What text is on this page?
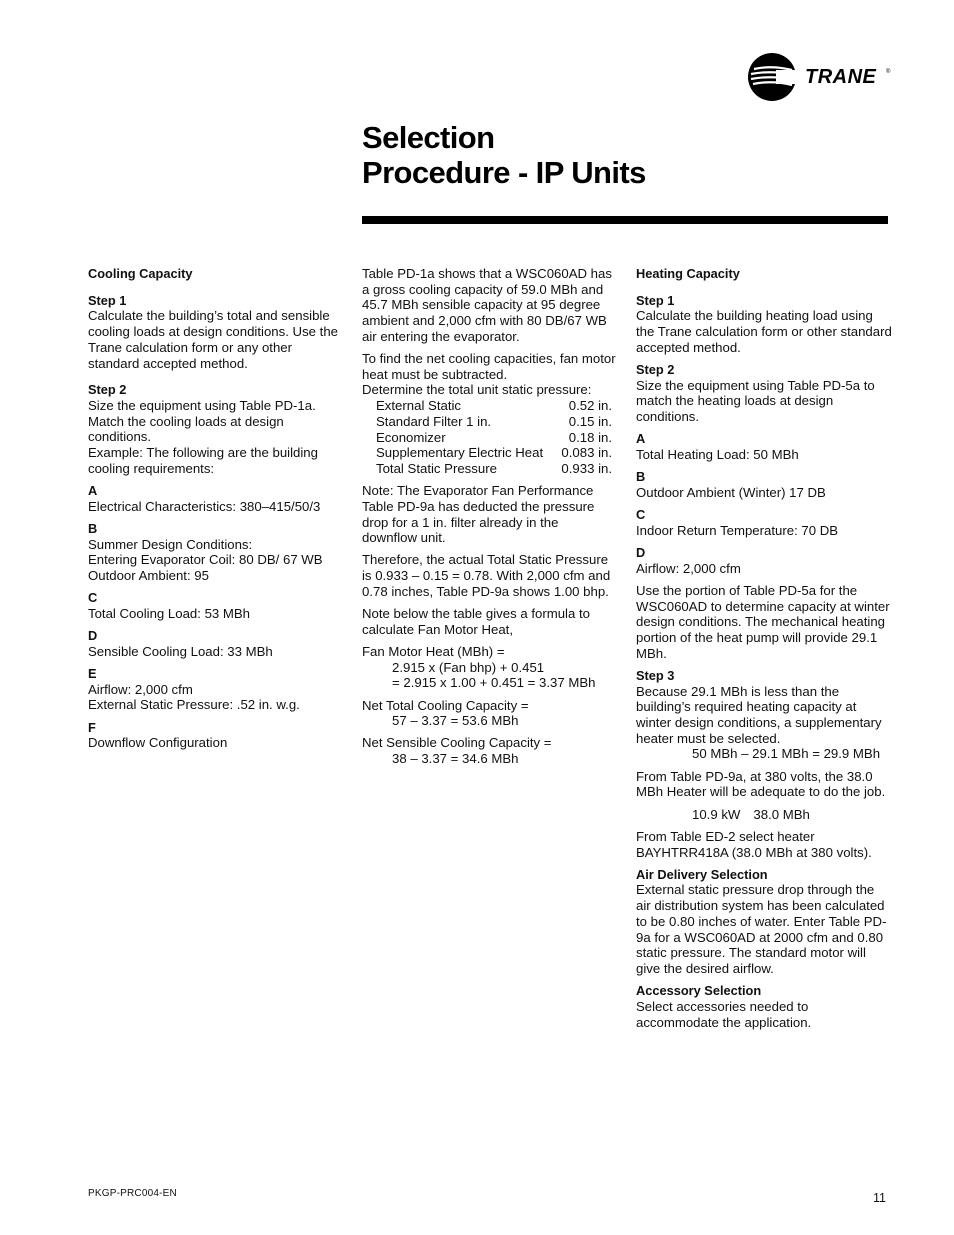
TRANE ®
Selection
Procedure - IP Units

Cooling Capacity

Step 1
Calculate the building’s total and sensible cooling loads at design conditions. Use the Trane calculation form or any other standard accepted method.

Step 2
Size the equipment using Table PD-1a. Match the cooling loads at design conditions.
Example: The following are the building cooling requirements:

A
Electrical Characteristics: 380–415/50/3

B
Summer Design Conditions:
Entering Evaporator Coil: 80 DB/ 67 WB
Outdoor Ambient: 95

C
Total Cooling Load: 53 MBh

D
Sensible Cooling Load: 33 MBh

E
Airflow: 2,000 cfm
External Static Pressure: .52 in. w.g.

F
Downflow Configuration

Table PD-1a shows that a WSC060AD has a gross cooling capacity of 59.0 MBh and 45.7 MBh sensible capacity at 95 degree ambient and 2,000 cfm with 80 DB/67 WB air entering the evaporator.

To find the net cooling capacities, fan motor heat must be subtracted.
Determine the total unit static pressure:

External Static	0.52 in.
Standard Filter 1 in.	0.15 in.
Economizer	0.18 in.
Supplementary Electric Heat	0.083 in.
Total Static Pressure	0.933 in.

Note: The Evaporator Fan Performance Table PD-9a has deducted the pressure drop for a 1 in. filter already in the downflow unit.

Therefore, the actual Total Static Pressure is 0.933 – 0.15 = 0.78. With 2,000 cfm and 0.78 inches, Table PD-9a shows 1.00 bhp.

Note below the table gives a formula to calculate Fan Motor Heat,

Fan Motor Heat (MBh) =
2.915 x (Fan bhp) + 0.451
= 2.915 x 1.00 + 0.451 = 3.37 MBh

Net Total Cooling Capacity =
57 – 3.37 = 53.6 MBh

Net Sensible Cooling Capacity =
38 – 3.37 = 34.6 MBh

Heating Capacity

Step 1
Calculate the building heating load using the Trane calculation form or other standard accepted method.

Step 2
Size the equipment using Table PD-5a to match the heating loads at design conditions.

A
Total Heating Load: 50 MBh

B
Outdoor Ambient (Winter) 17 DB

C
Indoor Return Temperature: 70 DB

D
Airflow: 2,000 cfm

Use the portion of Table PD-5a for the WSC060AD to determine capacity at winter design conditions. The mechanical heating portion of the heat pump will provide 29.1 MBh.

Step 3
Because 29.1 MBh is less than the building’s required heating capacity at winter design conditions, a supplementary heater must be selected.
50 MBh – 29.1 MBh = 29.9 MBh

From Table PD-9a, at 380 volts, the 38.0 MBh Heater will be adequate to do the job.

10.9 kW 38.0 MBh

From Table ED-2 select heater BAYHTRR418A (38.0 MBh at 380 volts).

Air Delivery Selection
External static pressure drop through the air distribution system has been calculated to be 0.80 inches of water. Enter Table PD-9a for a WSC060AD at 2000 cfm and 0.80 static pressure. The standard motor will give the desired airflow.

Accessory Selection
Select accessories needed to accommodate the application.

PKGP-PRC004-EN	11
